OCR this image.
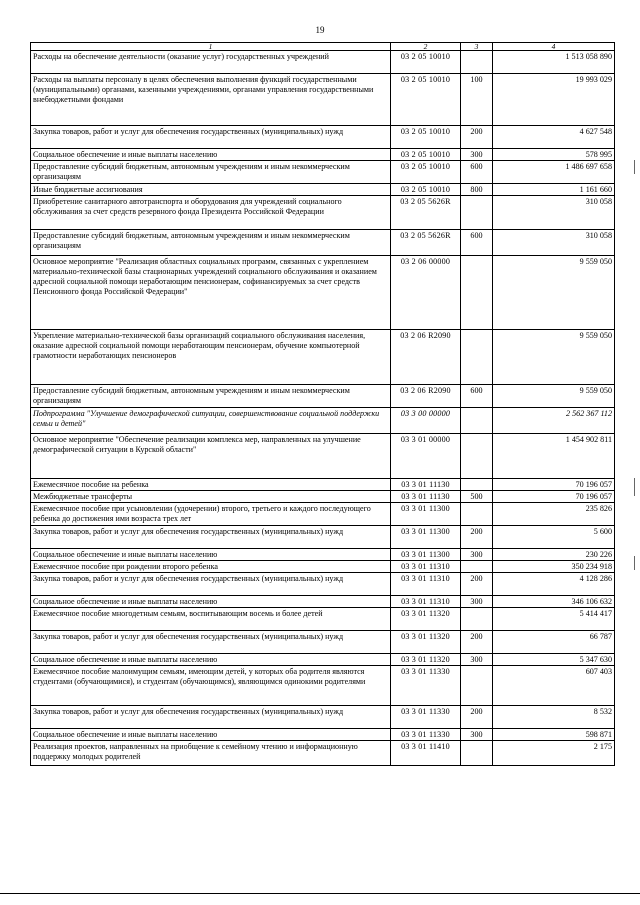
19
1	2	3	4
Расходы на обеспечение деятельности (оказание услуг) государственных учреждений	03 2 05 10010		1 513 058 890
Расходы на выплаты персоналу в целях обеспечения выполнения функций государственными (муниципальными) органами, казенными учреждениями, органами управления государственными внебюджетными фондами	03 2 05 10010	100	19 993 029
Закупка товаров, работ и услуг для обеспечения государственных (муниципальных) нужд	03 2 05 10010	200	4 627 548
Социальное обеспечение и иные выплаты населению	03 2 05 10010	300	578 995
Предоставление субсидий бюджетным, автономным учреждениям и иным некоммерческим организациям	03 2 05 10010	600	1 486 697 658
Иные бюджетные ассигнования	03 2 05 10010	800	1 161 660
Приобретение санитарного автотранспорта и оборудования для учреждений социального обслуживания за счет средств резервного фонда Президента Российской Федерации	03 2 05 5626R		310 058
Предоставление субсидий бюджетным, автономным учреждениям и иным некоммерческим организациям	03 2 05 5626R	600	310 058
Основное мероприятие "Реализация областных социальных программ, связанных с укреплением материально-технической базы стационарных учреждений социального обслуживания и оказанием адресной социальной помощи неработающим пенсионерам, софинансируемых за счет средств Пенсионного фонда Российской Федерации"	03 2 06 00000		9 559 050
Укрепление материально-технической базы организаций социального обслуживания населения, оказание адресной социальной помощи неработающим пенсионерам, обучение компьютерной грамотности неработающих пенсионеров	03 2 06 R2090		9 559 050
Предоставление субсидий бюджетным, автономным учреждениям и иным некоммерческим организациям	03 2 06 R2090	600	9 559 050
Подпрограмма "Улучшение демографической ситуации, совершенствование социальной поддержки семьи и детей"	03 3 00 00000		2 562 367 112
Основное мероприятие "Обеспечение реализации комплекса мер, направленных на улучшение демографической ситуации в Курской области"	03 3 01 00000		1 454 902 811
Ежемесячное пособие на ребенка	03 3 01 11130		70 196 057
Межбюджетные трансферты	03 3 01 11130	500	70 196 057
Ежемесячное пособие при усыновлении (удочерении) второго, третьего и каждого последующего ребенка до достижения ими возраста трех лет	03 3 01 11300		235 826
Закупка товаров, работ и услуг для обеспечения государственных (муниципальных) нужд	03 3 01 11300	200	5 600
Социальное обеспечение и иные выплаты населению	03 3 01 11300	300	230 226
Ежемесячное пособие при рождении второго ребенка	03 3 01 11310		350 234 918
Закупка товаров, работ и услуг для обеспечения государственных (муниципальных) нужд	03 3 01 11310	200	4 128 286
Социальное обеспечение и иные выплаты населению	03 3 01 11310	300	346 106 632
Ежемесячное пособие многодетным семьям, воспитывающим восемь и более детей	03 3 01 11320		5 414 417
Закупка товаров, работ и услуг для обеспечения государственных (муниципальных) нужд	03 3 01 11320	200	66 787
Социальное обеспечение и иные выплаты населению	03 3 01 11320	300	5 347 630
Ежемесячное пособие малоимущим семьям, имеющим детей, у которых оба родителя являются студентами (обучающимися), и студентам (обучающимся), являющимся одинокими родителями	03 3 01 11330		607 403
Закупка товаров, работ и услуг для обеспечения государственных (муниципальных) нужд	03 3 01 11330	200	8 532
Социальное обеспечение и иные выплаты населению	03 3 01 11330	300	598 871
Реализация проектов, направленных на приобщение к семейному чтению и информационную поддержку молодых родителей	03 3 01 11410		2 175
